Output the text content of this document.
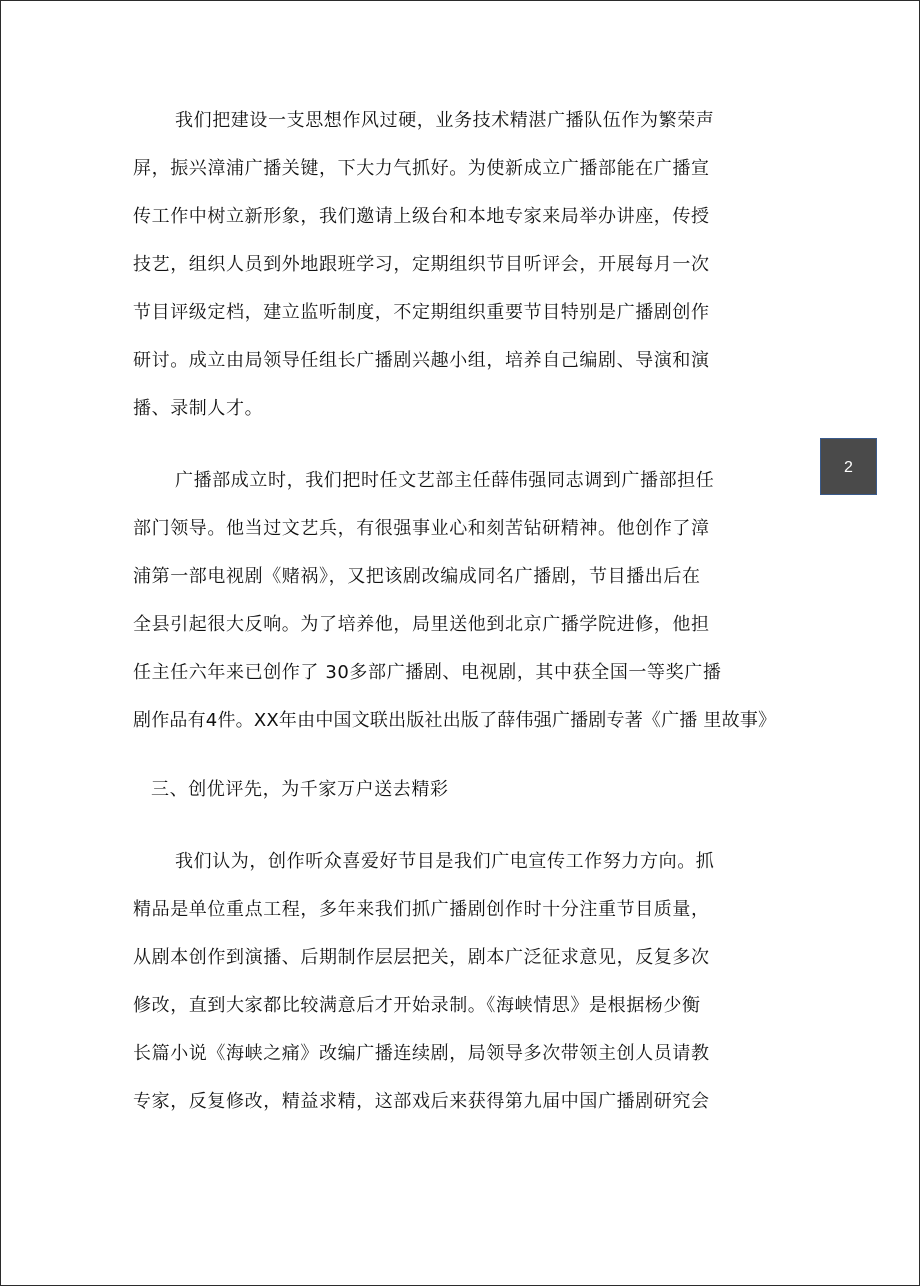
我们把建设一支思想作风过硬，业务技术精湛广播队伍作为繁荣声
屏，振兴漳浦广播关键，下大力气抓好。为使新成立广播部能在广播宣
传工作中树立新形象，我们邀请上级台和本地专家来局举办讲座，传授
技艺，组织人员到外地跟班学习，定期组织节目听评会，开展每月一次
节目评级定档，建立监听制度，不定期组织重要节目特别是广播剧创作
研讨。成立由局领导任组长广播剧兴趣小组，培养自己编剧、导演和演
播、录制人才。
广播部成立时，我们把时任文艺部主任薛伟强同志调到广播部担任
部门领导。他当过文艺兵，有很强事业心和刻苦钻研精神。他创作了漳
浦第一部电视剧《赌祸》，又把该剧改编成同名广播剧，节目播出后在
全县引起很大反响。为了培养他，局里送他到北京广播学院进修，他担
任主任六年来已创作了 30多部广播剧、电视剧，其中获全国一等奖广播
剧作品有4件。XX年由中国文联出版社出版了薛伟强广播剧专著《广播 里故事》
三、创优评先，为千家万户送去精彩
我们认为，创作听众喜爱好节目是我们广电宣传工作努力方向。抓
精品是单位重点工程，多年来我们抓广播剧创作时十分注重节目质量，
从剧本创作到演播、后期制作层层把关，剧本广泛征求意见，反复多次
修改，直到大家都比较满意后才开始录制。《海峡情思》是根据杨少衡
长篇小说《海峡之痛》改编广播连续剧，局领导多次带领主创人员请教
专家，反复修改，精益求精，这部戏后来获得第九届中国广播剧研究会
2
